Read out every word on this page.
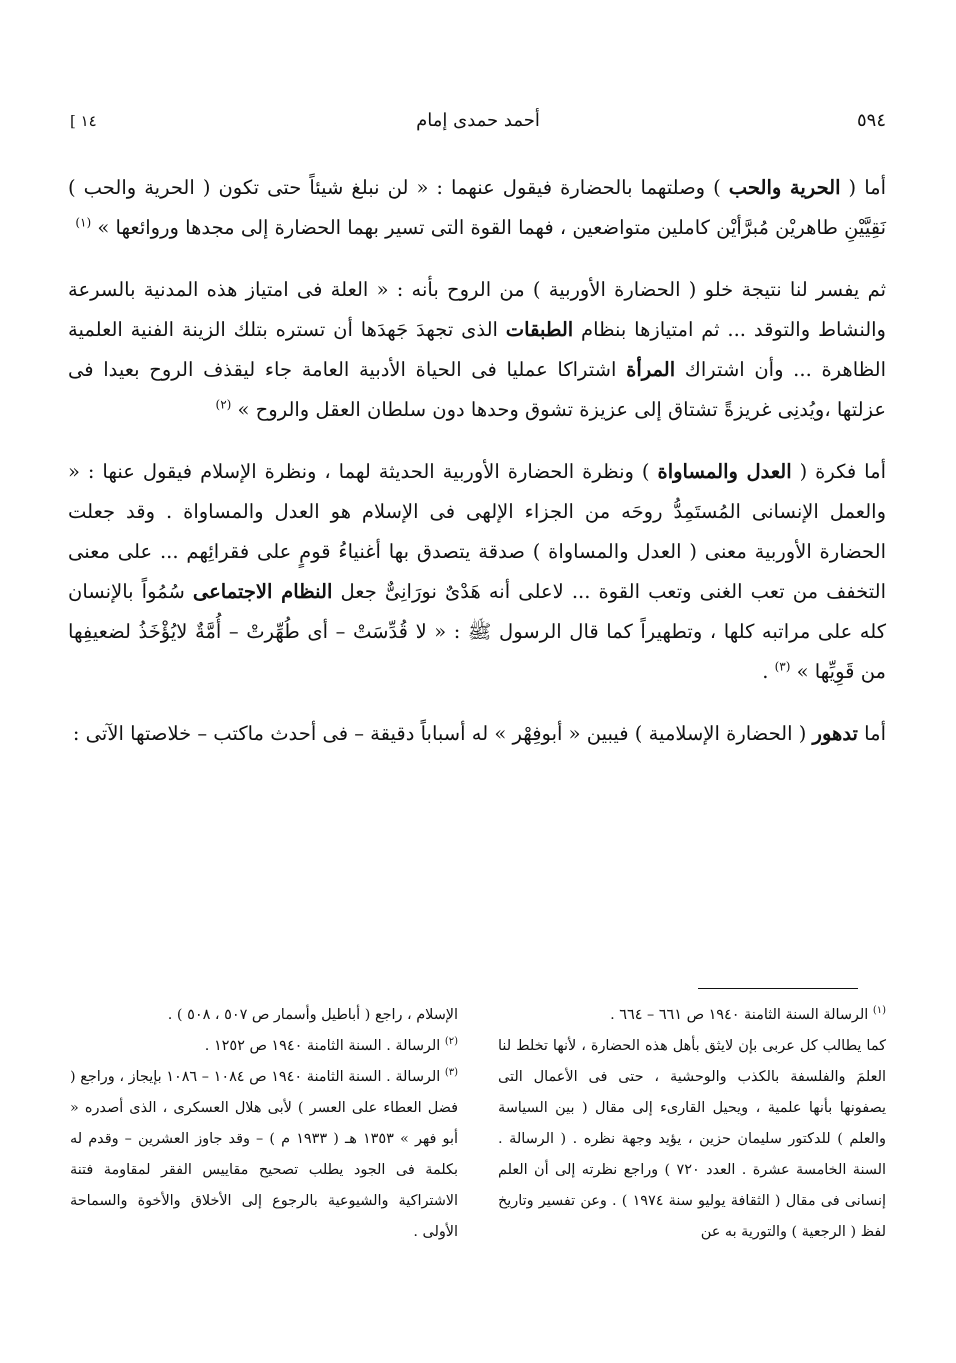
٥٩٤
أحمد حمدى إمام
[ ١٤

أما ( الحرية والحب ) وصلتهما بالحضارة فيقول عنهما : « لن نبلغ شيئاً حتى تكون ( الحرية والحب ) نَقِيَّيْنِ طاهريْن مُبرَّأيْن كاملين متواضعين ، فهما القوة التى تسير بهما الحضارة إلى مجدها وروائعها » $^{(١)}$

ثم يفسر لنا نتيجة خلو ( الحضارة الأوربية ) من الروح بأنه : « العلة فى امتياز هذه المدنية بالسرعة والنشاط والتوقد ... ثم امتيازها بنظام الطبقات الذى تجهدَ جَهدَها أن تستره بتلك الزينة الفنية العلمية الظاهرة ... وأن اشتراك المرأة اشتراكا عمليا فى الحياة الأدبية العامة جاء ليقذف الروح بعيدا فى عزلتها ،ويُدنِى غريزةً تشتاق إلى عزيزة تشوق وحدها دون سلطان العقل والروح » $^{(٢)}$

أما فكرة ( العدل والمساواة ) ونظرة الحضارة الأوربية الحديثة لهما ، ونظرة الإسلام فيقول عنها : « والعمل الإنسانى المُستَمِدُّ روحَه من الجزاء الإلهى فى الإسلام هو العدل والمساواة . وقد جعلت الحضارة الأوربية معنى ( العدل والمساواة ) صدقة يتصدق بها أغنياءُ قومٍ على فقرائِهم ... على معنى التخفف من تعب الغنى وتعب القوة ... لاعلى أنه هَدْىٌ نورَانِىٌّ جعل النظام الاجتماعى سُمُواً بالإنسان كله على مراتبه كلها ، وتطهيراً كما قال الرسول ﷺ : « لا قُدِّسَتْ – أى طُهِّرتْ – أُمَّةٌ لايُؤْخَذُ لضعيفِها من قَوِيِّها » $^{(٣)}$ .

أما تدهور ( الحضارة الإسلامية ) فيبين « أبوفِهْر » له أسباباً دقيقة – فى أحدث ماكتب – خلاصتها الآتى :

$^{(١)}$ الرسالة السنة الثامنة ١٩٤٠ ص ٦٦١ – ٦٦٤ .

كما يطالب كل عربى بإن لايثق بأهل هذه الحضارة ، لأنها تخلط لنا العلمَ والفلسفة بالكذب والوحشية ، حتى فى الأعمال التى يصفونها بأنها علمية ، ويحيل القارىء إلى مقال ( بين السياسة والعلم ) للدكتور سليمان حزين ، يؤيد وجهة نظره . ( الرسالة . السنة الخامسة عشرة . العدد ٧٢٠ ) وراجع نظرته إلى أن العلم إنسانى فى مقال ( الثقافة يوليو سنة ١٩٧٤ ) . وعن تفسير وتاريخ لفظ ( الرجعية ) والتورية به عن

الإسلام ، راجع ( أباطيل وأسمار ص ٥٠٧ ، ٥٠٨ ) .

$^{(٢)}$ الرسالة . السنة الثامنة ١٩٤٠ ص ١٢٥٢ .

$^{(٣)}$ الرسالة . السنة الثامنة ١٩٤٠ ص ١٠٨٤ – ١٠٨٦ بإيجاز ، وراجع ( فضل العطاء على العسر ) لأبى هلال العسكرى ، الذى أصدره « أبو فهر » ١٣٥٣ هـ ( ١٩٣٣ م ) – وقد جاوز العشرين – وقدم له بكلمة فى الجود يطلب تصحيح مقاييس الفقر لمقاومة فتنة الاشتراكية والشيوعية بالرجوع إلى الأخلاق والأخوة والسماحة الأولى .
